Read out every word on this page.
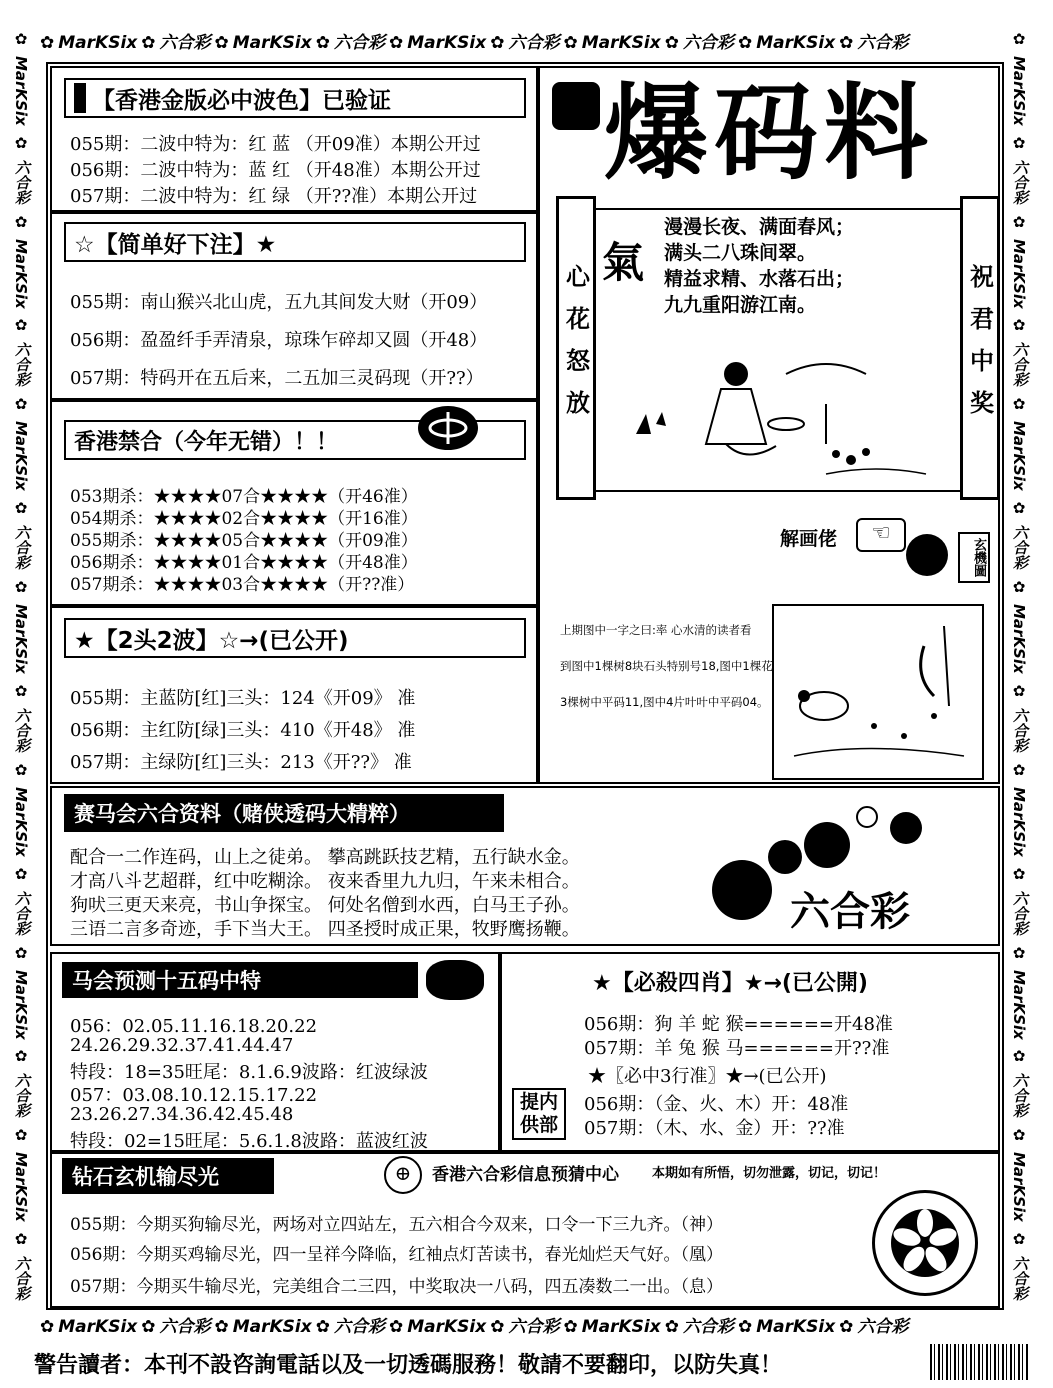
✿ MarKSix ✿ 六合彩 ✿ MarKSix ✿ 六合彩 ✿ MarKSix ✿ 六合彩 ✿ MarKSix ✿ 六合彩 ✿ MarKSix ✿ 六合彩
✿ MarKSix ✿ 六合彩 ✿ MarKSix ✿ 六合彩 ✿ MarKSix ✿ 六合彩 ✿ MarKSix ✿ 六合彩 ✿ MarKSix ✿ 六合彩
✿
MarKSix
✿
六合彩
✿
MarKSix
✿
六合彩
✿
MarKSix
✿
六合彩
✿
MarKSix
✿
六合彩
✿
MarKSix
✿
六合彩
✿
MarKSix
✿
六合彩
✿
MarKSix
✿
六合彩
✿
MarKSix
✿
六合彩
✿
MarKSix
✿
六合彩
✿
MarKSix
✿
六合彩
✿
MarKSix
✿
六合彩
✿
MarKSix
✿
六合彩
✿
MarKSix
✿
六合彩
✿
MarKSix
✿
六合彩
【香港金版必中波色】已验证
055期：二波中特为：红 蓝 （开09准）本期公开过
056期：二波中特为：蓝 红 （开48准）本期公开过
057期：二波中特为：红 绿 （开??准）本期公开过
☆【简单好下注】★
055期：南山猴兴北山虎，五九其间发大财（开09）
056期：盈盈纤手弄清泉，琼珠乍碎却又圆（开48）
057期：特码开在五后来，二五加三灵码现（开??）
香港禁合（今年无错）！！
053期杀：★★★★07合★★★★（开46准）
054期杀：★★★★02合★★★★（开16准）
055期杀：★★★★05合★★★★（开09准）
056期杀：★★★★01合★★★★（开48准）
057期杀：★★★★03合★★★★（开??准）
★【2头2波】☆→(已公开)
055期：主蓝防[红]三头：124《开09》 准
056期：主红防[绿]三头：410《开48》 准
057期：主绿防[红]三头：213《开??》 准
爆码料
心花怒放	祝君中奖
氣
漫漫长夜、满面春风；
满头二八珠间翠。
精益求精、水落石出；
九九重阳游江南。
解画佬	☜
玄機圖
上期图中一字之曰:率 心水清的读者看
到图中1棵树8块石头特别号18,图中1棵花
3棵树中平码11,图中4片叶叶中平码04。
赛马会六合资料（赌侠透码大精粹）
配合一二作连码，山上之徒弟。 攀高跳跃技艺精，五行缺水金。
才高八斗艺超群，红中吃糊涂。 夜来香里九九归，午来未相合。
狗吠三更天来亮，书山争探宝。 何处名僧到水西，白马王子孙。
三语二言多奇迹，手下当大王。 四圣授时成正果，牧野鹰扬鞭。	六合彩
马会预测十五码中特
056：02.05.11.16.18.20.22
24.26.29.32.37.41.44.47
特段：18=35旺尾：8.1.6.9波路：红波绿波
057：03.08.10.12.15.17.22
23.26.27.34.36.42.45.48
特段：02=15旺尾：5.6.1.8波路：蓝波红波
★【必殺四肖】★→(已公開)
056期：狗 羊 蛇 猴======开48准
057期：羊 兔 猴 马======开??准
★〖必中3行准〗★→(已公开)
056期：（金、火、木）开：48准
057期：（木、水、金）开：??准
提内供部
钻石玄机输尽光	⊕	香港六合彩信息预猜中心	本期如有所悟，切勿泄露，切记，切记！
055期：今期买狗输尽光，两场对立四站左，五六相合今双来，口令一下三九齐。（神）
056期：今期买鸡输尽光，四一呈祥今降临，红袖点灯苦读书，春光灿烂天气好。（凰）
057期：今期买牛输尽光，完美组合二三四，中奖取决一八码，四五凑数二一出。（息）
警告讀者：本刊不設咨詢電話以及一切透碼服務！敬請不要翻印，以防失真！
